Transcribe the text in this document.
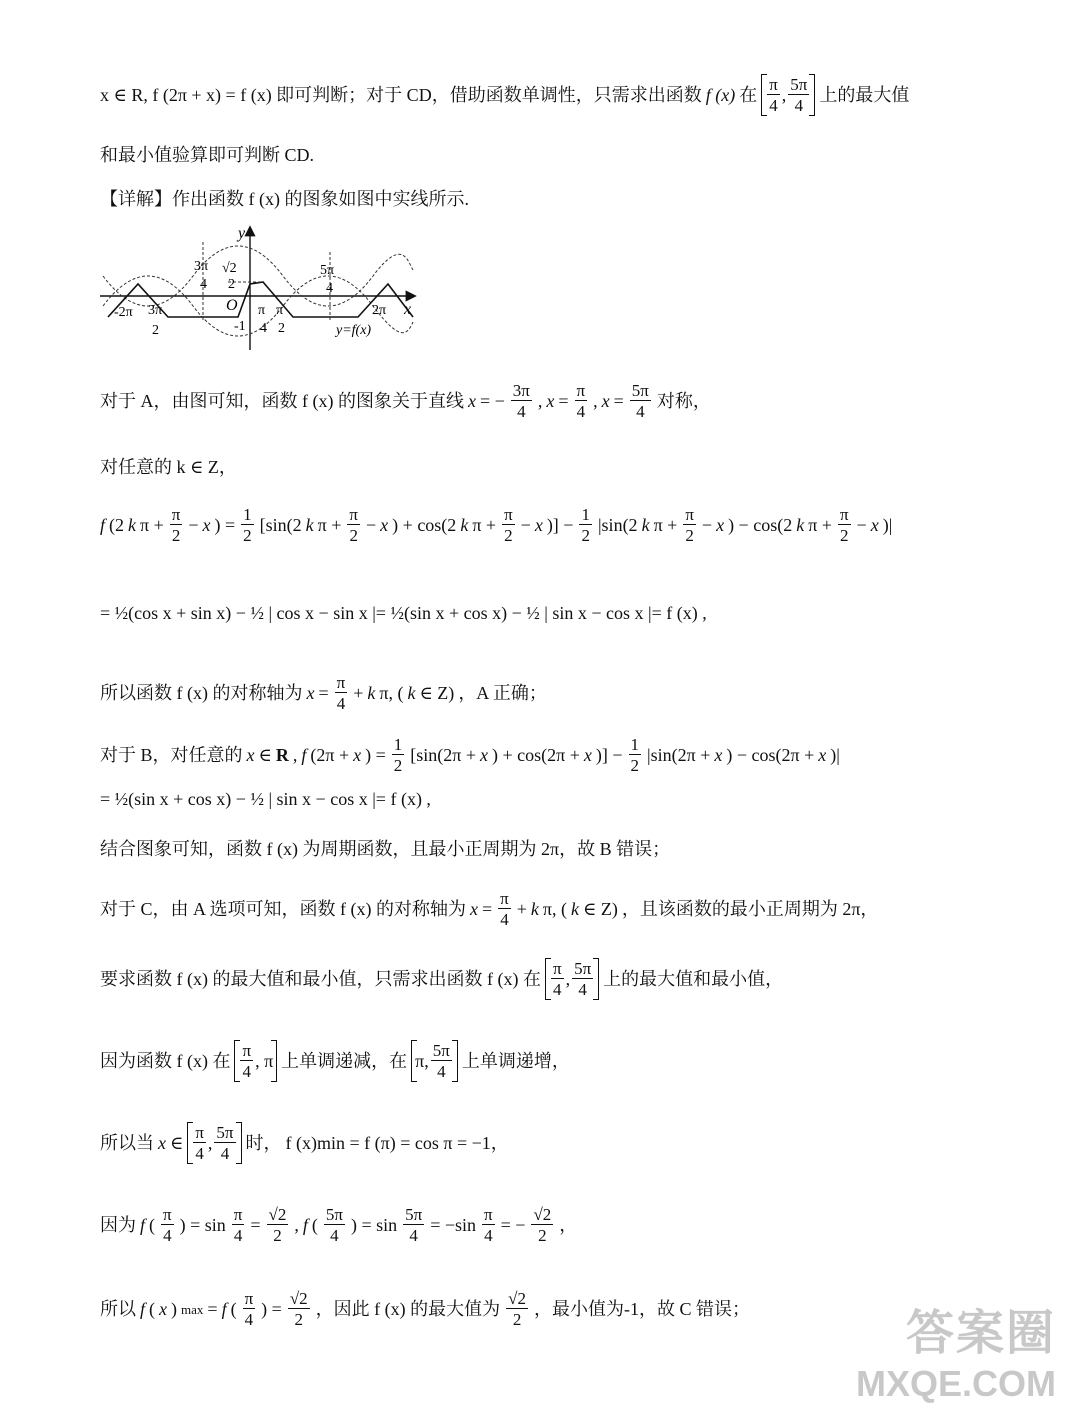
x ∈ R, f (2π + x) = f (x) 即可判断；对于 CD，借助函数单调性，只需求出函数 f (x) 在 $\frac{\pi}{4}$ , $\frac{5\pi}{4}$ 上的最大值
和最小值验算即可判断 CD.
【详解】作出函数 f (x) 的图象如图中实线所示.
y
x
O
-2π 3π
2
3π
4
√2
2
π
4
π
2
5π
4
2π
-1	y=f(x)
对于 A，由图可知，函数 f (x) 的图象关于直线 x = − $\frac{3\pi}{4}$ , $x = \frac{\pi}{4}$ , $x = \frac{5\pi}{4}$ 对称，
对任意的 k ∈ Z，
f (2 k $\pi + \frac{\pi}{2} - x$ ) = $\frac{1}{2} [\sin(2$ k $\pi + \frac{\pi}{2} - x$ ) + cos(2 k $\pi + \frac{\pi}{2} - x$ )] − $\frac{1}{2} |\sin(2$ k $\pi + \frac{\pi}{2} - x$ ) − cos(2 k $\pi + \frac{\pi}{2} - x$ )|
= ½(cos x + sin x) − ½ | cos x − sin x |= ½(sin x + cos x) − ½ | sin x − cos x |= f (x) ,
所以函数 f (x) 的对称轴为 $x = \frac{\pi}{4} + k$ π, ( k ∈ Z) ，A 正确；
对于 B，对任意的 x ∈ R , f (2π + x ) = $\frac{1}{2} [\sin(2\pi + x$ ) + cos(2π + x )] − $\frac{1}{2} |\sin(2\pi + x$ ) − cos(2π + x )|
= ½(sin x + cos x) − ½ | sin x − cos x |= f (x) ,
结合图象可知，函数 f (x) 为周期函数，且最小正周期为 2π，故 B 错误；
对于 C，由 A 选项可知，函数 f (x) 的对称轴为 $x = \frac{\pi}{4} + k$ π, ( k ∈ Z) ，且该函数的最小正周期为 2π，
要求函数 f (x) 的最大值和最小值，只需求出函数 f (x) 在 $\frac{\pi}{4}$ , $\frac{5\pi}{4}$ 上的最大值和最小值，
因为函数 f (x) 在 $\frac{\pi}{4}$ , π 上单调递减，在 π, $\frac{5\pi}{4}$ 上单调递增，
所以当 x ∈ $\frac{\pi}{4}$ , $\frac{5\pi}{4}$ 时， f (x)min = f (π) = cos π = −1，
因为 f ( $\frac{\pi}{4}$ ) = $\sin \frac{\pi}{4} = \frac{√2}{2}$ , f ( $\frac{5\pi}{4}$ ) = $\sin \frac{5\pi}{4} = -\sin \frac{\pi}{4}$ = − $\frac{√2}{2}$ ，
所以 f ( x ) max = f ( $\frac{\pi}{4}$ ) = $\frac{√2}{2}$ ，因此 f (x) 的最大值为 $\frac{√2}{2}$ ，最小值为-1，故 C 错误；	答案圈
MXQE.COM
